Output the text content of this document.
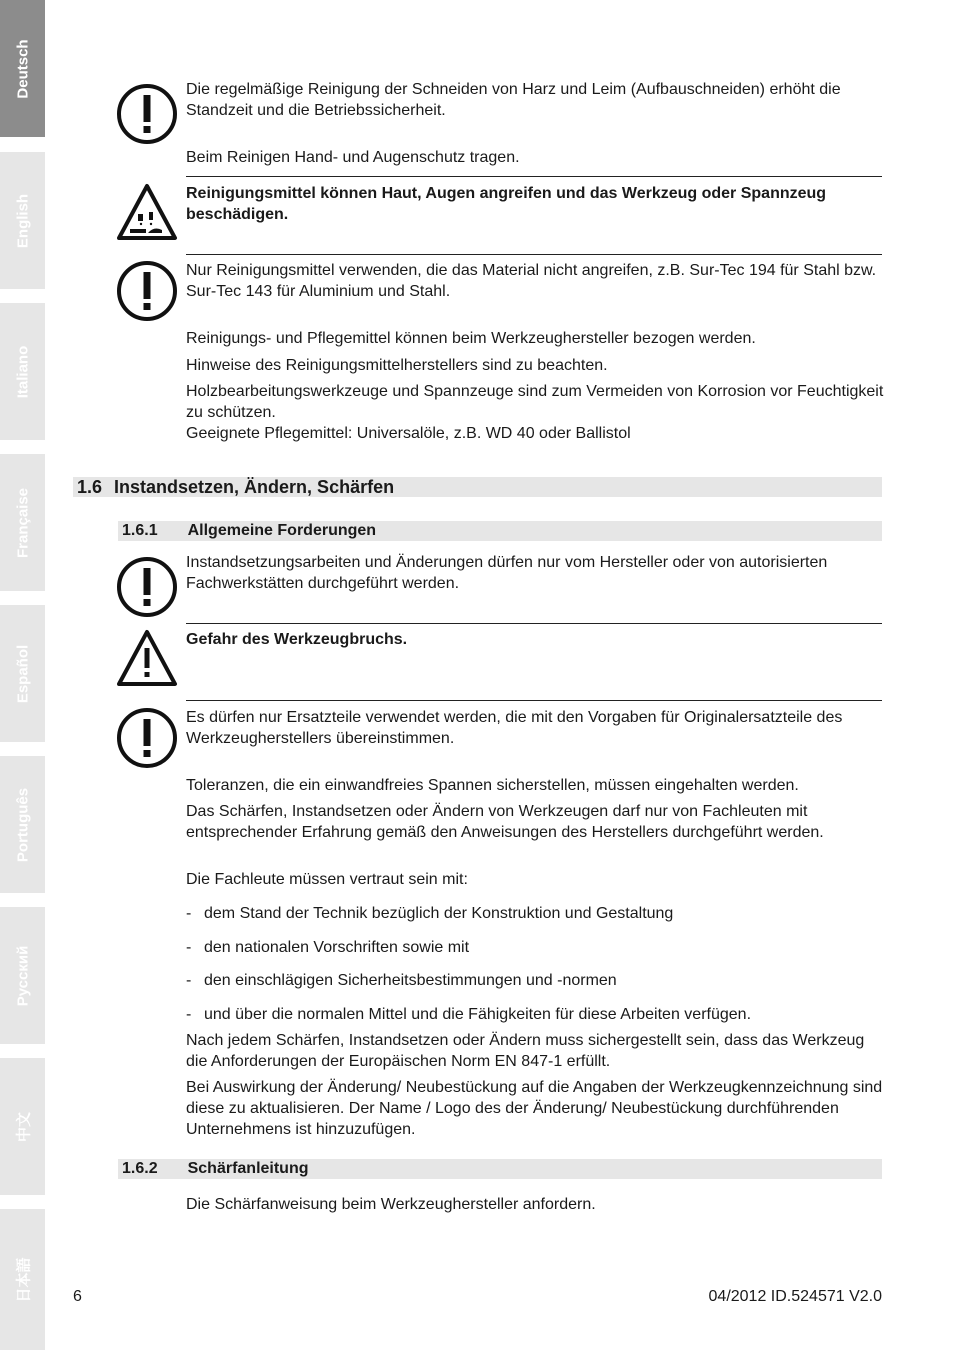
Deutsch
English
Italiano
Française
Español
Português
Русский
中文
日本語
Die regelmäßige Reinigung der Schneiden von Harz und Leim (Aufbauschneiden) erhöht die Standzeit und die Betriebssicherheit.
Beim Reinigen Hand- und Augenschutz tragen.
Reinigungsmittel können Haut, Augen angreifen und das Werkzeug oder Spannzeug beschädigen.
Nur Reinigungsmittel verwenden, die das Material nicht angreifen, z.B. Sur-Tec 194 für Stahl bzw. Sur-Tec 143 für Aluminium und Stahl.
Reinigungs- und Pflegemittel können beim Werkzeughersteller bezogen werden.
Hinweise des Reinigungsmittelherstellers sind zu beachten.
Holzbearbeitungswerkzeuge und Spannzeuge sind zum Vermeiden von Korrosion vor Feuchtigkeit zu schützen.
Geeignete Pflegemittel: Universalöle, z.B. WD 40 oder Ballistol
1.6 Instandsetzen, Ändern, Schärfen
1.6.1 Allgemeine Forderungen
Instandsetzungsarbeiten und Änderungen dürfen nur vom Hersteller oder von autorisierten Fachwerkstätten durchgeführt werden.
Gefahr des Werkzeugbruchs.
Es dürfen nur Ersatzteile verwendet werden, die mit den Vorgaben für Originalersatzteile des Werkzeugherstellers übereinstimmen.
Toleranzen, die ein einwandfreies Spannen sicherstellen, müssen eingehalten werden.
Das Schärfen, Instandsetzen oder Ändern von Werkzeugen darf nur von Fachleuten mit entsprechender Erfahrung gemäß den Anweisungen des Herstellers durchgeführt werden.
Die Fachleute müssen vertraut sein mit:
- dem Stand der Technik bezüglich der Konstruktion und Gestaltung
- den nationalen Vorschriften sowie mit
- den einschlägigen Sicherheitsbestimmungen und -normen
- und über die normalen Mittel und die Fähigkeiten für diese Arbeiten verfügen.
Nach jedem Schärfen, Instandsetzen oder Ändern muss sichergestellt sein, dass das Werkzeug die Anforderungen der Europäischen Norm EN 847-1 erfüllt.
Bei Auswirkung der Änderung/ Neubestückung auf die Angaben der Werkzeugkennzeichnung sind diese zu aktualisieren. Der Name / Logo des der Änderung/ Neubestückung durchführenden Unternehmens ist hinzuzufügen.
1.6.2 Schärfanleitung
Die Schärfanweisung beim Werkzeughersteller anfordern.
6	04/2012 ID.524571 V2.0
